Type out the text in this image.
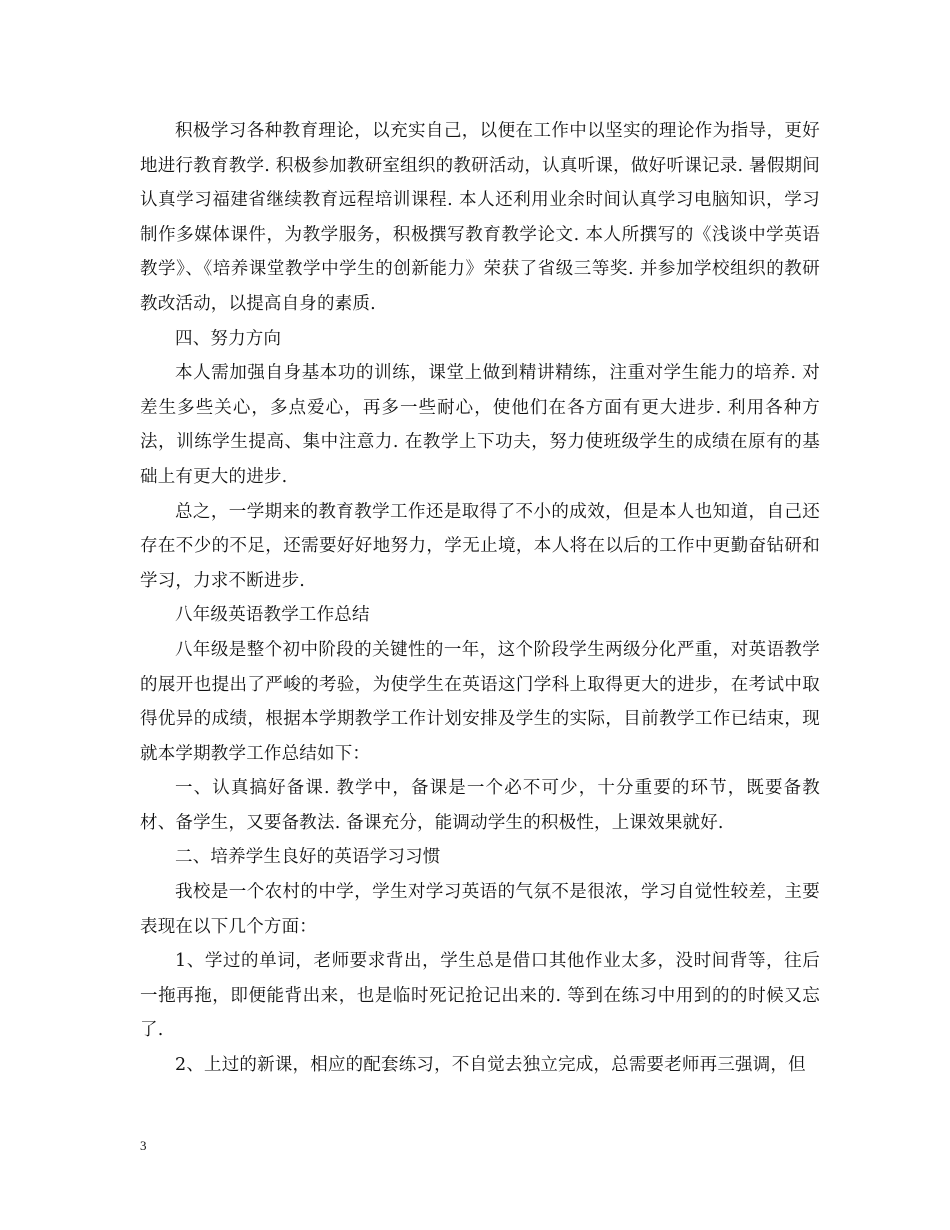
积极学习各种教育理论，以充实自己，以便在工作中以坚实的理论作为指导，更好地进行教育教学. 积极参加教研室组织的教研活动，认真听课，做好听课记录. 暑假期间认真学习福建省继续教育远程培训课程. 本人还利用业余时间认真学习电脑知识，学习制作多媒体课件，为教学服务，积极撰写教育教学论文. 本人所撰写的《浅谈中学英语教学》、《培养课堂教学中学生的创新能力》荣获了省级三等奖. 并参加学校组织的教研教改活动，以提高自身的素质.

四、努力方向

本人需加强自身基本功的训练，课堂上做到精讲精练，注重对学生能力的培养. 对差生多些关心，多点爱心，再多一些耐心，使他们在各方面有更大进步. 利用各种方法，训练学生提高、集中注意力. 在教学上下功夫，努力使班级学生的成绩在原有的基础上有更大的进步.

总之，一学期来的教育教学工作还是取得了不小的成效，但是本人也知道，自己还存在不少的不足，还需要好好地努力，学无止境，本人将在以后的工作中更勤奋钻研和学习，力求不断进步.

八年级英语教学工作总结

八年级是整个初中阶段的关键性的一年，这个阶段学生两级分化严重，对英语教学的展开也提出了严峻的考验，为使学生在英语这门学科上取得更大的进步，在考试中取得优异的成绩，根据本学期教学工作计划安排及学生的实际，目前教学工作已结束，现就本学期教学工作总结如下：

一、认真搞好备课. 教学中，备课是一个必不可少，十分重要的环节，既要备教材、备学生，又要备教法. 备课充分，能调动学生的积极性，上课效果就好.

二、培养学生良好的英语学习习惯

我校是一个农村的中学，学生对学习英语的气氛不是很浓，学习自觉性较差，主要表现在以下几个方面：

1、学过的单词，老师要求背出，学生总是借口其他作业太多，没时间背等，往后一拖再拖，即便能背出来，也是临时死记抢记出来的. 等到在练习中用到的的时候又忘了.

2、上过的新课，相应的配套练习，不自觉去独立完成，总需要老师再三强调，但

3
